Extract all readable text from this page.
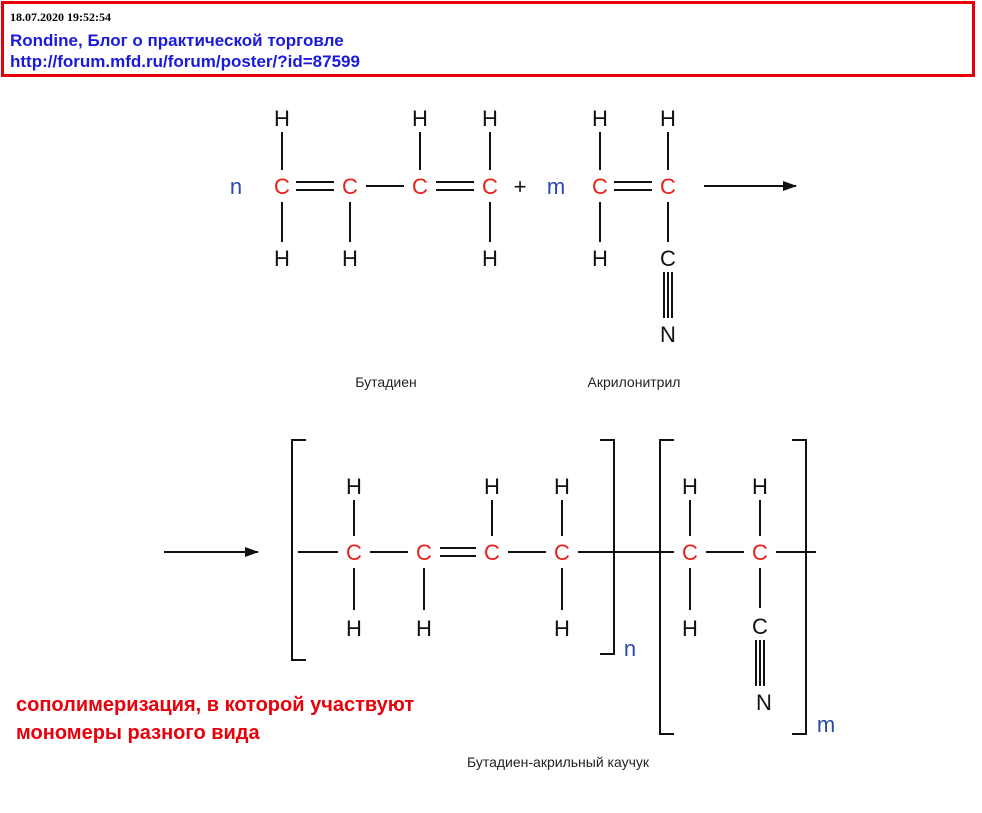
18.07.2020 19:52:54
Rondine, Блог о практической торговле
http://forum.mfd.ru/forum/poster/?id=87599
n C C C C
H	H H
H H	H
+ m C C
H H
H C
N
n
m
C C C C
H	H H
H H	H
C C
H H
H C
N
Бутадиен	Акрилонитрил
Бутадиен-акрильный каучук
сополимеризация, в которой участвуют
мономеры разного вида
